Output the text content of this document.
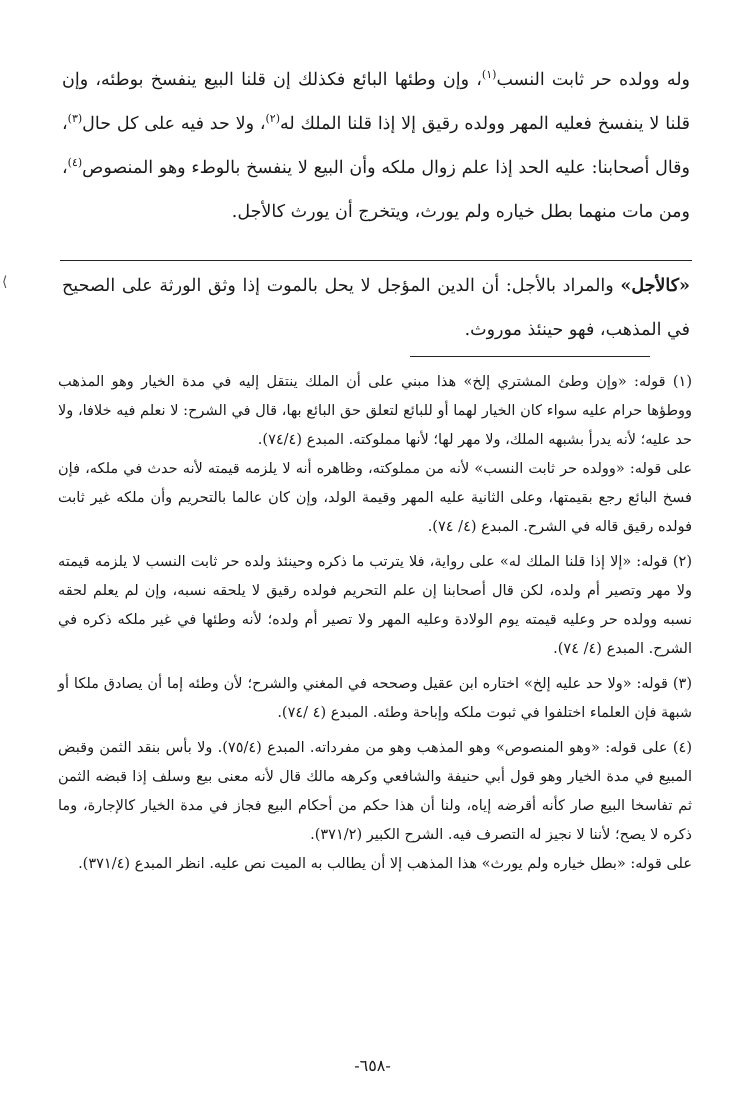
وله وولده حر ثابت النسب$^{(١)}$، وإن وطئها البائع فكذلك إن قلنا البيع ينفسخ بوطئه، وإن قلنا لا ينفسخ فعليه المهر وولده رقيق إلا إذا قلنا الملك له$^{(٢)}$، ولا حد فيه على كل حال$^{(٣)}$، وقال أصحابنا: عليه الحد إذا علم زوال ملكه وأن البيع لا ينفسخ بالوطء وهو المنصوص$^{(٤)}$، ومن مات منهما بطل خياره ولم يورث، ويتخرج أن يورث كالأجل.

«كالأجل» والمراد بالأجل: أن الدين المؤجل لا يحل بالموت إذا وثق الورثة على الصحيح في المذهب، فهو حينئذ موروث.

⟨

(١) قوله: «وإن وطئ المشتري إلخ» هذا مبني على أن الملك ينتقل إليه في مدة الخيار وهو المذهب ووطؤها حرام عليه سواء كان الخيار لهما أو للبائع لتعلق حق البائع بها، قال في الشرح: لا نعلم فيه خلافا، ولا حد عليه؛ لأنه يدرأ بشبهه الملك، ولا مهر لها؛ لأنها مملوكته. المبدع (٧٤/٤).

على قوله: «وولده حر ثابت النسب» لأنه من مملوكته، وظاهره أنه لا يلزمه قيمته لأنه حدث في ملكه، فإن فسخ البائع رجع بقيمتها، وعلى الثانية عليه المهر وقيمة الولد، وإن كان عالما بالتحريم وأن ملكه غير ثابت فولده رقيق قاله في الشرح. المبدع (٤/ ٧٤).

(٢) قوله: «إلا إذا قلنا الملك له» على رواية، فلا يترتب ما ذكره وحينئذ ولده حر ثابت النسب لا يلزمه قيمته ولا مهر وتصير أم ولده، لكن قال أصحابنا إن علم التحريم فولده رقيق لا يلحقه نسبه، وإن لم يعلم لحقه نسبه وولده حر وعليه قيمته يوم الولادة وعليه المهر ولا تصير أم ولده؛ لأنه وطئها في غير ملكه ذكره في الشرح. المبدع (٤/ ٧٤).

(٣) قوله: «ولا حد عليه إلخ» اختاره ابن عقيل وصححه في المغني والشرح؛ لأن وطئه إما أن يصادق ملكا أو شبهة فإن العلماء اختلفوا في ثبوت ملكه وإباحة وطئه. المبدع (٤ /٧٤).

(٤) على قوله: «وهو المنصوص» وهو المذهب وهو من مفرداته. المبدع (٧٥/٤). ولا بأس بنقد الثمن وقبض المبيع في مدة الخيار وهو قول أبي حنيفة والشافعي وكرهه مالك قال لأنه معنى بيع وسلف إذا قبضه الثمن ثم تفاسخا البيع صار كأنه أقرضه إياه، ولنا أن هذا حكم من أحكام البيع فجاز في مدة الخيار كالإجارة، وما ذكره لا يصح؛ لأننا لا نجيز له التصرف فيه. الشرح الكبير (٣٧١/٢).

على قوله: «بطل خياره ولم يورث» هذا المذهب إلا أن يطالب به الميت نص عليه. انظر المبدع (٣٧١/٤).

-٦٥٨-
